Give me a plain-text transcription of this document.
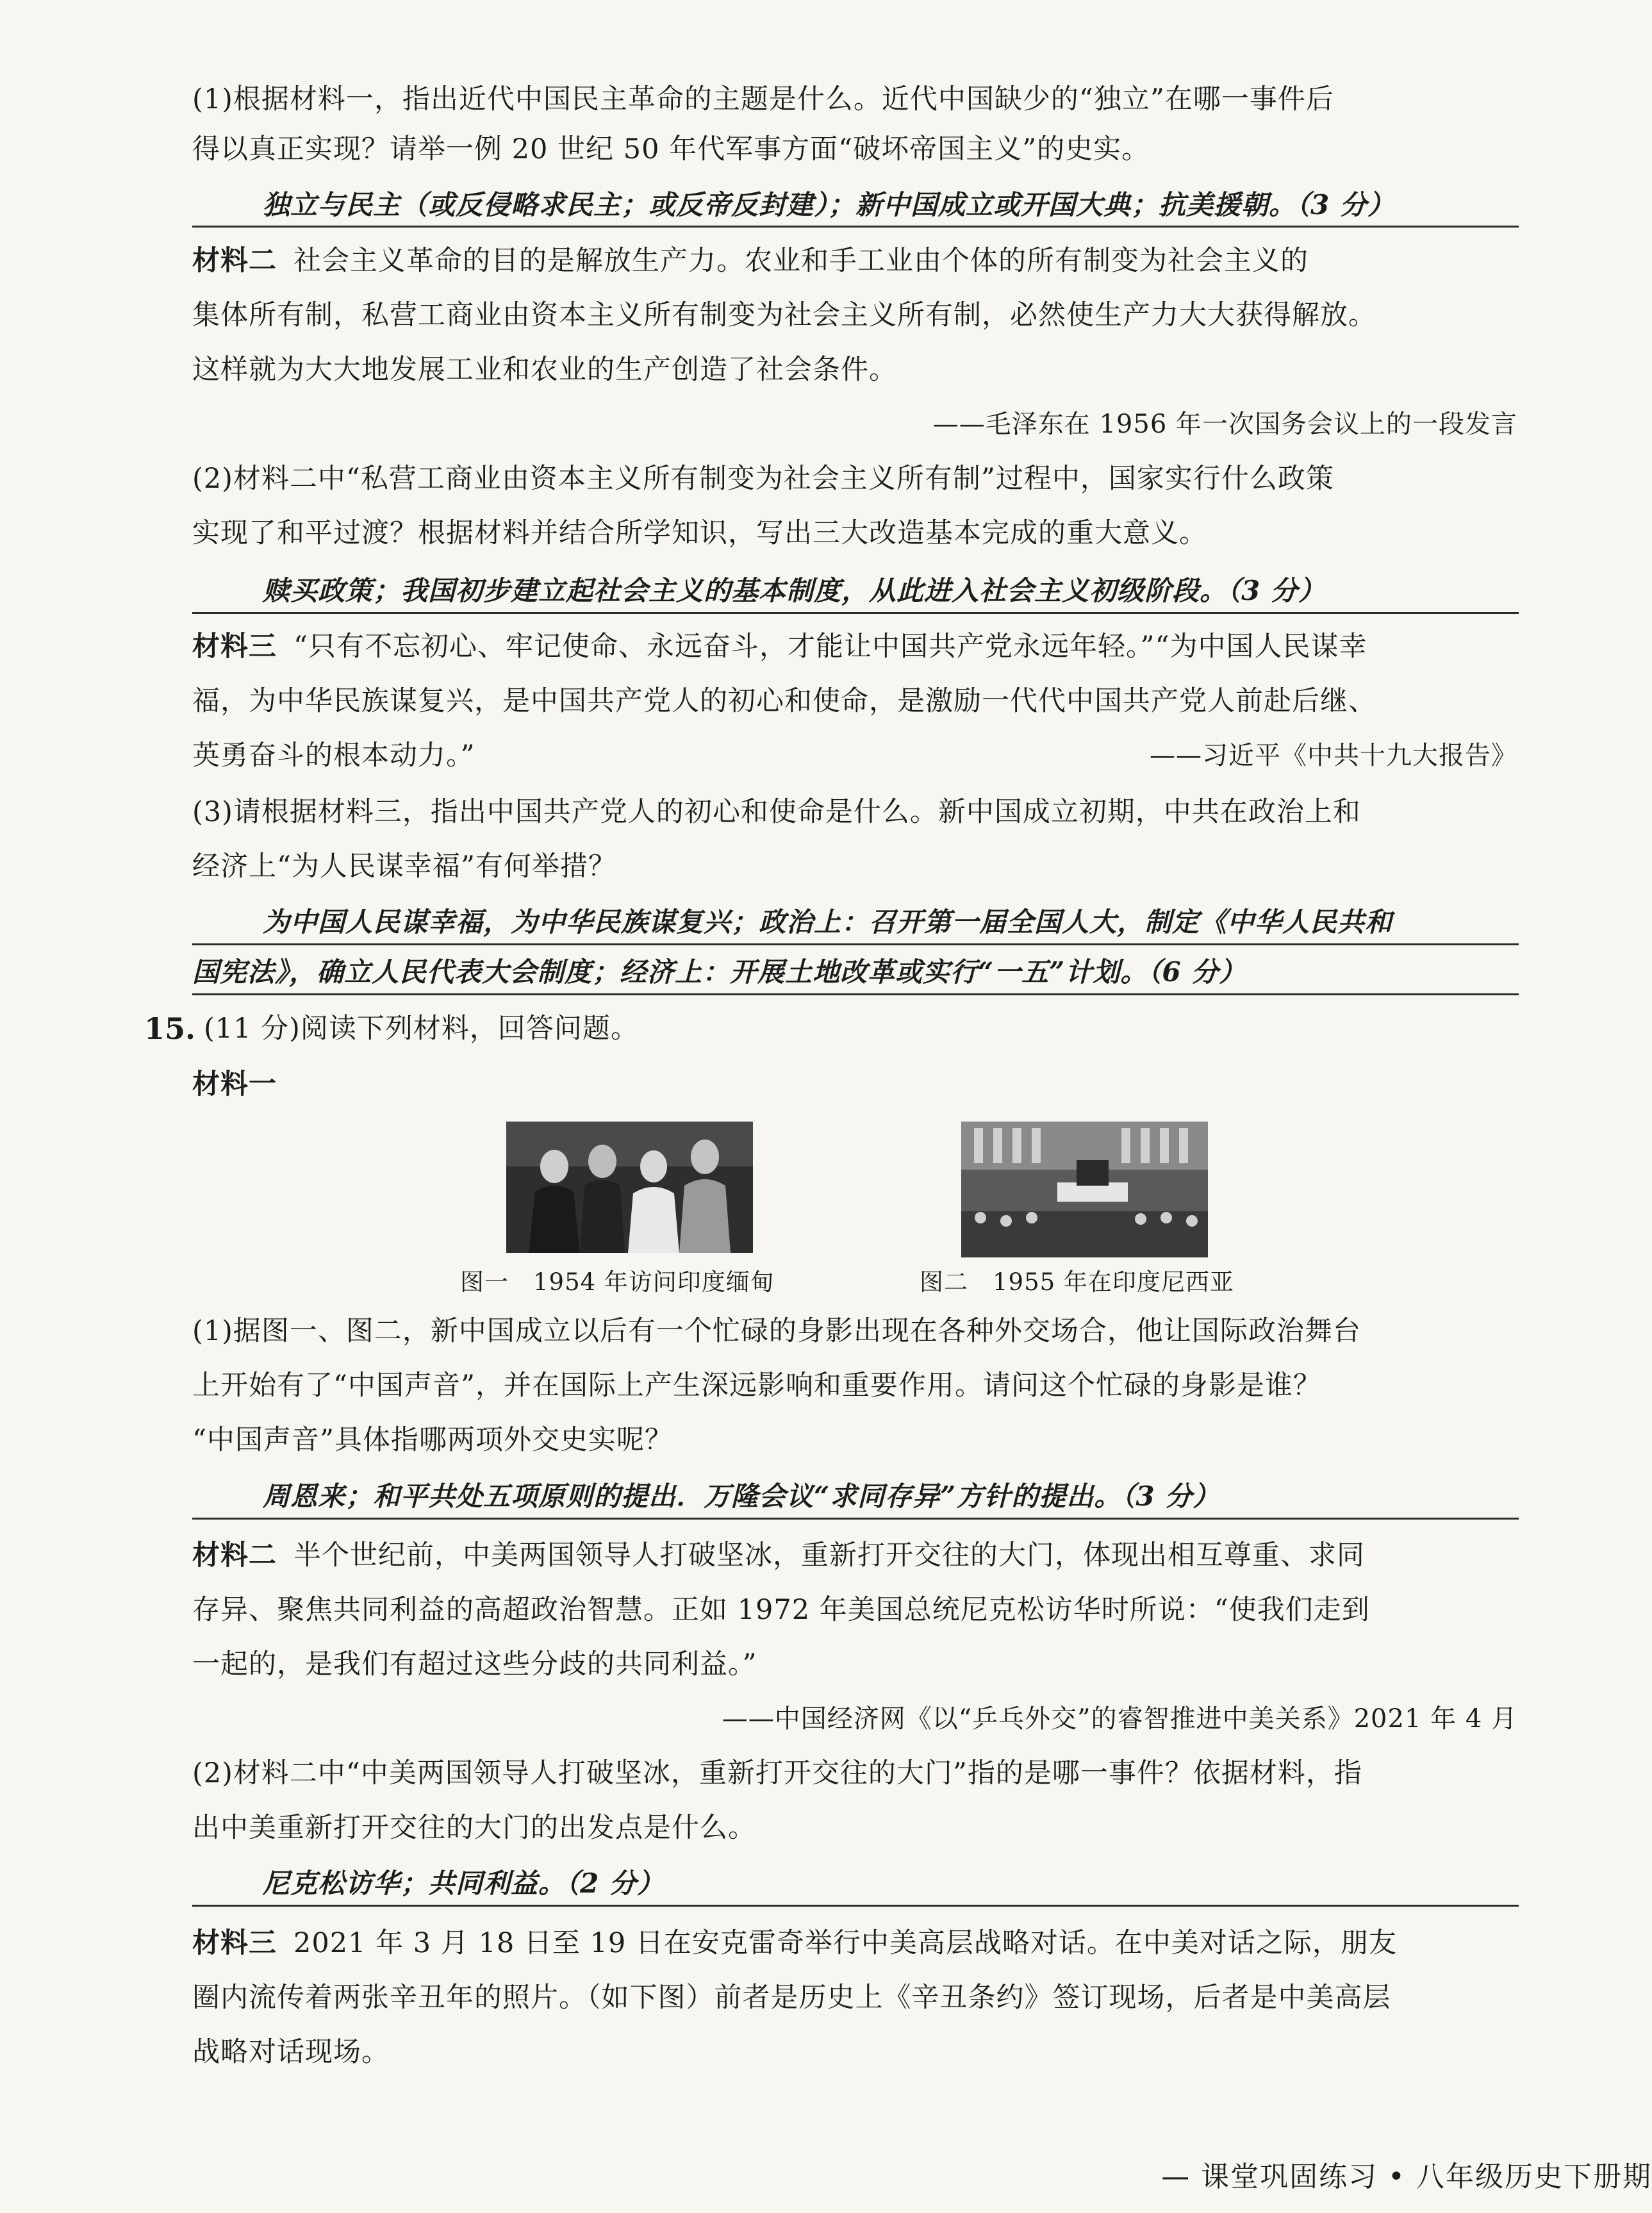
(1)根据材料一，指出近代中国民主革命的主题是什么。近代中国缺少的“独立”在哪一事件后
得以真正实现？请举一例 20 世纪 50 年代军事方面“破坏帝国主义”的史实。
独立与民主（或反侵略求民主；或反帝反封建）；新中国成立或开国大典；抗美援朝。（3 分）
材料二 社会主义革命的目的是解放生产力。农业和手工业由个体的所有制变为社会主义的
集体所有制，私营工商业由资本主义所有制变为社会主义所有制，必然使生产力大大获得解放。
这样就为大大地发展工业和农业的生产创造了社会条件。
——毛泽东在 1956 年一次国务会议上的一段发言
(2)材料二中“私营工商业由资本主义所有制变为社会主义所有制”过程中，国家实行什么政策
实现了和平过渡？根据材料并结合所学知识，写出三大改造基本完成的重大意义。
赎买政策；我国初步建立起社会主义的基本制度，从此进入社会主义初级阶段。（3 分）
材料三 “只有不忘初心、牢记使命、永远奋斗，才能让中国共产党永远年轻。”“为中国人民谋幸
福，为中华民族谋复兴，是中国共产党人的初心和使命，是激励一代代中国共产党人前赴后继、
英勇奋斗的根本动力。”	——习近平《中共十九大报告》
(3)请根据材料三，指出中国共产党人的初心和使命是什么。新中国成立初期，中共在政治上和
经济上“为人民谋幸福”有何举措？
为中国人民谋幸福，为中华民族谋复兴；政治上：召开第一届全国人大，制定《中华人民共和
国宪法》，确立人民代表大会制度；经济上：开展土地改革或实行“一五”计划。（6 分）
15. (11 分)阅读下列材料，回答问题。
材料一
图一　1954 年访问印度缅甸	图二　1955 年在印度尼西亚
(1)据图一、图二，新中国成立以后有一个忙碌的身影出现在各种外交场合，他让国际政治舞台
上开始有了“中国声音”，并在国际上产生深远影响和重要作用。请问这个忙碌的身影是谁？
“中国声音”具体指哪两项外交史实呢？
周恩来；和平共处五项原则的提出．万隆会议“求同存异”方针的提出。（3 分）
材料二 半个世纪前，中美两国领导人打破坚冰，重新打开交往的大门，体现出相互尊重、求同
存异、聚焦共同利益的高超政治智慧。正如 1972 年美国总统尼克松访华时所说：“使我们走到
一起的，是我们有超过这些分歧的共同利益。”
——中国经济网《以“乒乓外交”的睿智推进中美关系》2021 年 4 月
(2)材料二中“中美两国领导人打破坚冰，重新打开交往的大门”指的是哪一事件？依据材料，指
出中美重新打开交往的大门的出发点是什么。
尼克松访华；共同利益。（2 分）
材料三 2021 年 3 月 18 日至 19 日在安克雷奇举行中美高层战略对话。在中美对话之际，朋友
圈内流传着两张辛丑年的照片。（如下图）前者是历史上《辛丑条约》签订现场，后者是中美高层
战略对话现场。
— 课堂巩固练习 • 八年级历史下册期
